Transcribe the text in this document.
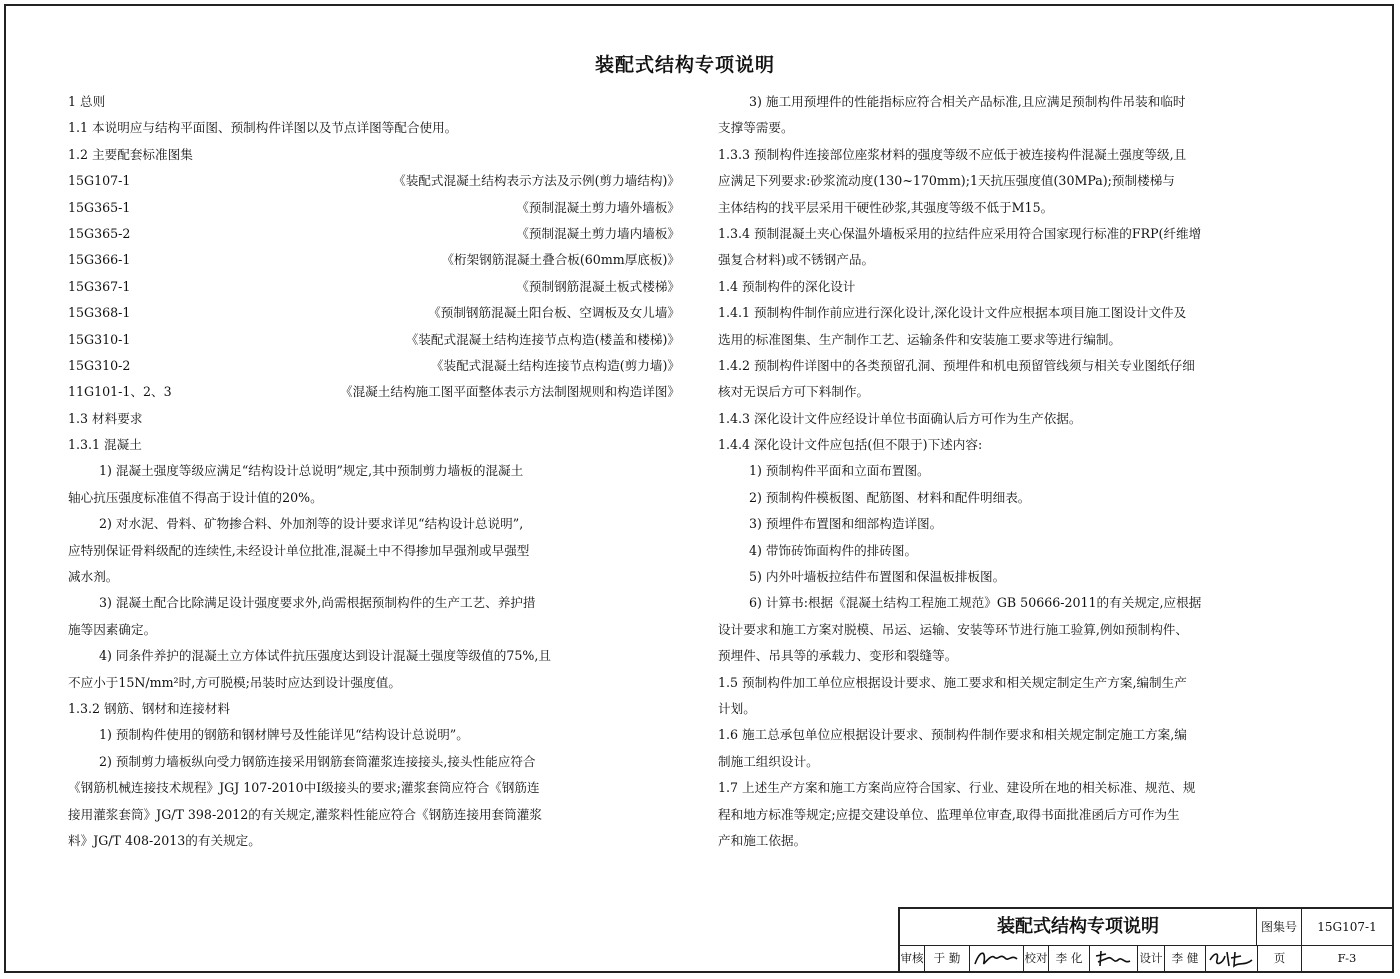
装配式结构专项说明
1 总则
1.1 本说明应与结构平面图、预制构件详图以及节点详图等配合使用。
1.2 主要配套标准图集
15G107-1	《装配式混凝土结构表示方法及示例(剪力墙结构)》
15G365-1	《预制混凝土剪力墙外墙板》
15G365-2	《预制混凝土剪力墙内墙板》
15G366-1	《桁架钢筋混凝土叠合板(60mm厚底板)》
15G367-1	《预制钢筋混凝土板式楼梯》
15G368-1	《预制钢筋混凝土阳台板、空调板及女儿墙》
15G310-1	《装配式混凝土结构连接节点构造(楼盖和楼梯)》
15G310-2	《装配式混凝土结构连接节点构造(剪力墙)》
11G101-1、2、3	《混凝土结构施工图平面整体表示方法制图规则和构造详图》
1.3 材料要求
1.3.1 混凝土
1) 混凝土强度等级应满足“结构设计总说明”规定,其中预制剪力墙板的混凝土
轴心抗压强度标准值不得高于设计值的20%。
2) 对水泥、骨料、矿物掺合料、外加剂等的设计要求详见“结构设计总说明”,
应特别保证骨料级配的连续性,未经设计单位批准,混凝土中不得掺加早强剂或早强型
减水剂。
3) 混凝土配合比除满足设计强度要求外,尚需根据预制构件的生产工艺、养护措
施等因素确定。
4) 同条件养护的混凝土立方体试件抗压强度达到设计混凝土强度等级值的75%,且
不应小于15N/mm²时,方可脱模;吊装时应达到设计强度值。
1.3.2 钢筋、钢材和连接材料
1) 预制构件使用的钢筋和钢材牌号及性能详见“结构设计总说明”。
2) 预制剪力墙板纵向受力钢筋连接采用钢筋套筒灌浆连接接头,接头性能应符合
《钢筋机械连接技术规程》JGJ 107-2010中I级接头的要求;灌浆套筒应符合《钢筋连
接用灌浆套筒》JG/T 398-2012的有关规定,灌浆料性能应符合《钢筋连接用套筒灌浆
料》JG/T 408-2013的有关规定。
3) 施工用预埋件的性能指标应符合相关产品标准,且应满足预制构件吊装和临时
支撑等需要。
1.3.3 预制构件连接部位座浆材料的强度等级不应低于被连接构件混凝土强度等级,且
应满足下列要求:砂浆流动度(130~170mm);1天抗压强度值(30MPa);预制楼梯与
主体结构的找平层采用干硬性砂浆,其强度等级不低于M15。
1.3.4 预制混凝土夹心保温外墙板采用的拉结件应采用符合国家现行标准的FRP(纤维增
强复合材料)或不锈钢产品。
1.4 预制构件的深化设计
1.4.1 预制构件制作前应进行深化设计,深化设计文件应根据本项目施工图设计文件及
选用的标准图集、生产制作工艺、运输条件和安装施工要求等进行编制。
1.4.2 预制构件详图中的各类预留孔洞、预埋件和机电预留管线须与相关专业图纸仔细
核对无误后方可下料制作。
1.4.3 深化设计文件应经设计单位书面确认后方可作为生产依据。
1.4.4 深化设计文件应包括(但不限于)下述内容:
1) 预制构件平面和立面布置图。
2) 预制构件模板图、配筋图、材料和配件明细表。
3) 预埋件布置图和细部构造详图。
4) 带饰砖饰面构件的排砖图。
5) 内外叶墙板拉结件布置图和保温板排板图。
6) 计算书:根据《混凝土结构工程施工规范》GB 50666-2011的有关规定,应根据
设计要求和施工方案对脱模、吊运、运输、安装等环节进行施工验算,例如预制构件、
预埋件、吊具等的承载力、变形和裂缝等。
1.5 预制构件加工单位应根据设计要求、施工要求和相关规定制定生产方案,编制生产
计划。
1.6 施工总承包单位应根据设计要求、预制构件制作要求和相关规定制定施工方案,编
制施工组织设计。
1.7 上述生产方案和施工方案尚应符合国家、行业、建设所在地的相关标准、规范、规
程和地方标准等规定;应提交建设单位、监理单位审查,取得书面批准函后方可作为生
产和施工依据。
装配式结构专项说明	图集号	15G107-1
审核 于 勤	校对 李 化	设计 李 健	页	F-3
